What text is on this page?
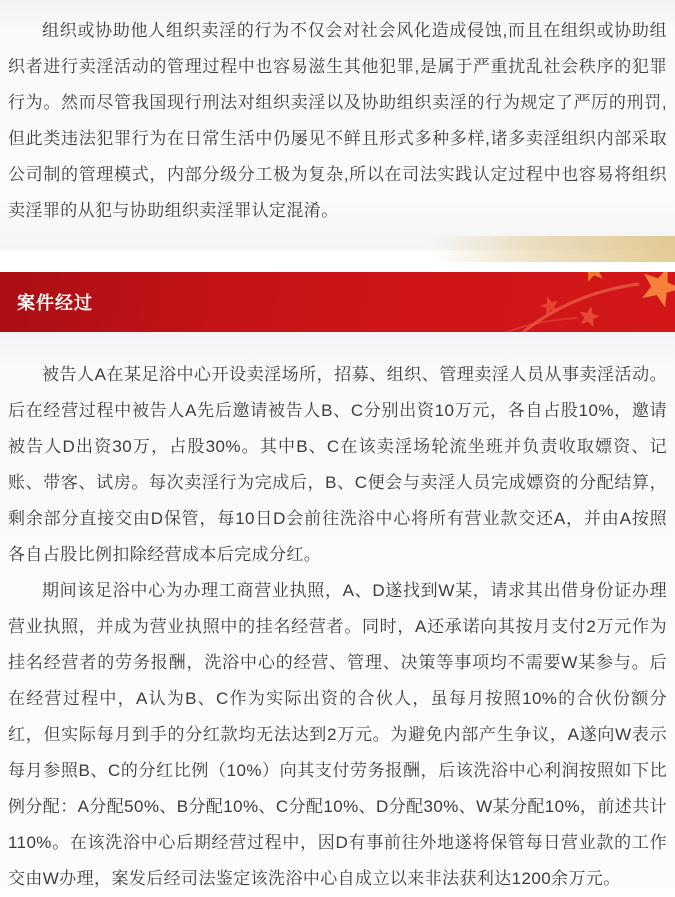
组织或协助他人组织卖淫的行为不仅会对社会风化造成侵蚀,而且在组织或协助组织者进行卖淫活动的管理过程中也容易滋生其他犯罪,是属于严重扰乱社会秩序的犯罪行为。然而尽管我国现行刑法对组织卖淫以及协助组织卖淫的行为规定了严厉的刑罚,但此类违法犯罪行为在日常生活中仍屡见不鲜且形式多种多样,诸多卖淫组织内部采取公司制的管理模式，内部分级分工极为复杂,所以在司法实践认定过程中也容易将组织卖淫罪的从犯与协助组织卖淫罪认定混淆。

案件经过

被告人A在某足浴中心开设卖淫场所，招募、组织、管理卖淫人员从事卖淫活动。后在经营过程中被告人A先后邀请被告人B、C分别出资10万元，各自占股10%，邀请被告人D出资30万，占股30%。其中B、C在该卖淫场轮流坐班并负责收取嫖资、记账、带客、试房。每次卖淫行为完成后，B、C便会与卖淫人员完成嫖资的分配结算，剩余部分直接交由D保管，每10日D会前往洗浴中心将所有营业款交还A，并由A按照各自占股比例扣除经营成本后完成分红。

期间该足浴中心为办理工商营业执照，A、D遂找到W某，请求其出借身份证办理营业执照，并成为营业执照中的挂名经营者。同时，A还承诺向其按月支付2万元作为挂名经营者的劳务报酬，洗浴中心的经营、管理、决策等事项均不需要W某参与。后在经营过程中，A认为B、C作为实际出资的合伙人，虽每月按照10%的合伙份额分红，但实际每月到手的分红款均无法达到2万元。为避免内部产生争议，A遂向W表示每月参照B、C的分红比例（10%）向其支付劳务报酬，后该洗浴中心利润按照如下比例分配：A分配50%、B分配10%、C分配10%、D分配30%、W某分配10%，前述共计110%。在该洗浴中心后期经营过程中，因D有事前往外地遂将保管每日营业款的工作交由W办理，案发后经司法鉴定该洗浴中心自成立以来非法获利达1200余万元。
